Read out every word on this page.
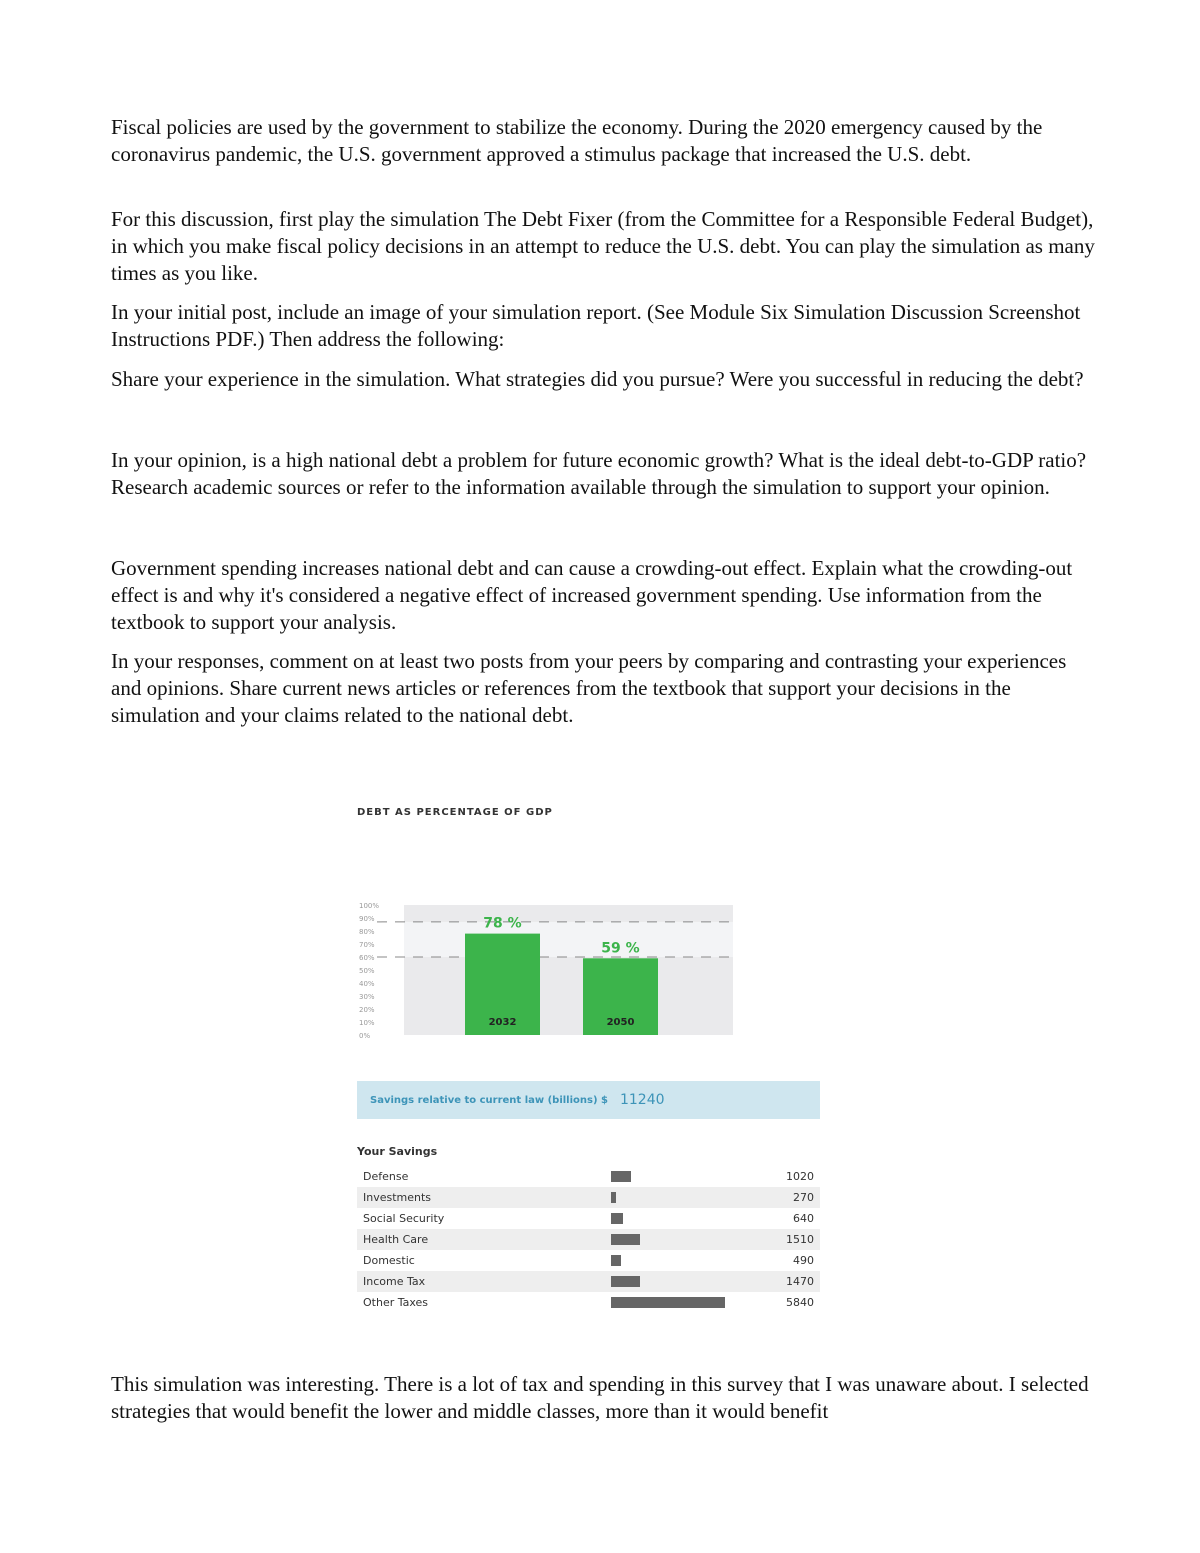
Fiscal policies are used by the government to stabilize the economy. During the 2020 emergency caused by the coronavirus pandemic, the U.S. government approved a stimulus package that increased the U.S. debt.

For this discussion, first play the simulation The Debt Fixer (from the Committee for a Responsible Federal Budget), in which you make fiscal policy decisions in an attempt to reduce the U.S. debt. You can play the simulation as many times as you like.

In your initial post, include an image of your simulation report. (See Module Six Simulation Discussion Screenshot Instructions PDF.) Then address the following:

Share your experience in the simulation. What strategies did you pursue? Were you successful in reducing the debt?

In your opinion, is a high national debt a problem for future economic growth? What is the ideal debt-to-GDP ratio? Research academic sources or refer to the information available through the simulation to support your opinion.

Government spending increases national debt and can cause a crowding-out effect. Explain what the crowding-out effect is and why it's considered a negative effect of increased government spending. Use information from the textbook to support your analysis.

In your responses, comment on at least two posts from your peers by comparing and contrasting your experiences and opinions. Share current news articles or references from the textbook that support your decisions in the simulation and your claims related to the national debt.

DEBT AS PERCENTAGE OF GDP
100%
90%
80%
70%
60%
50%
40%
30%
20%
10%
0%
78 %
2032
59 %
2050
Savings relative to current law (billions) $ 11240
Your Savings
Defense	1020
Investments	270
Social Security	640
Health Care	1510
Domestic	490
Income Tax	1470
Other Taxes	5840

This simulation was interesting. There is a lot of tax and spending in this survey that I was unaware about. I selected strategies that would benefit the lower and middle classes, more than it would benefit
